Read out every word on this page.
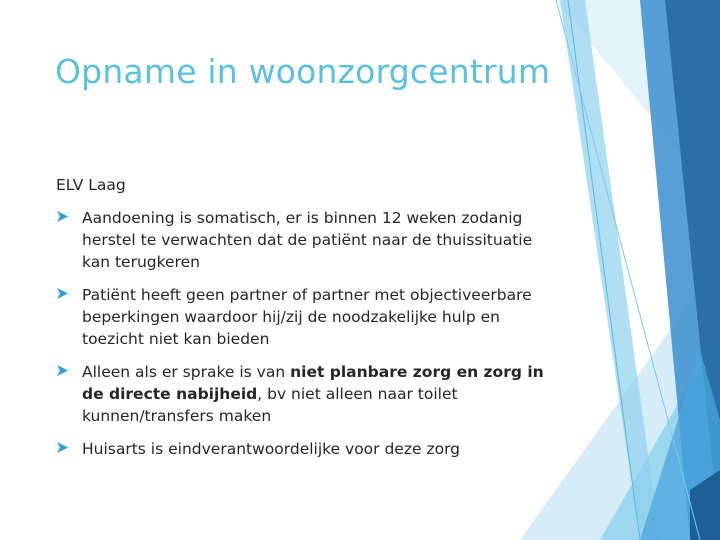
Opname in woonzorgcentrum
ELV Laag
Aandoening is somatisch, er is binnen 12 weken zodanig herstel te verwachten dat de patiënt naar de thuissituatie kan terugkeren
Patiënt heeft geen partner of partner met objectiveerbare beperkingen waardoor hij/zij de noodzakelijke hulp en toezicht niet kan bieden
Alleen als er sprake is van niet planbare zorg en zorg in de directe nabijheid, bv niet alleen naar toilet kunnen/transfers maken
Huisarts is eindverantwoordelijke voor deze zorg
